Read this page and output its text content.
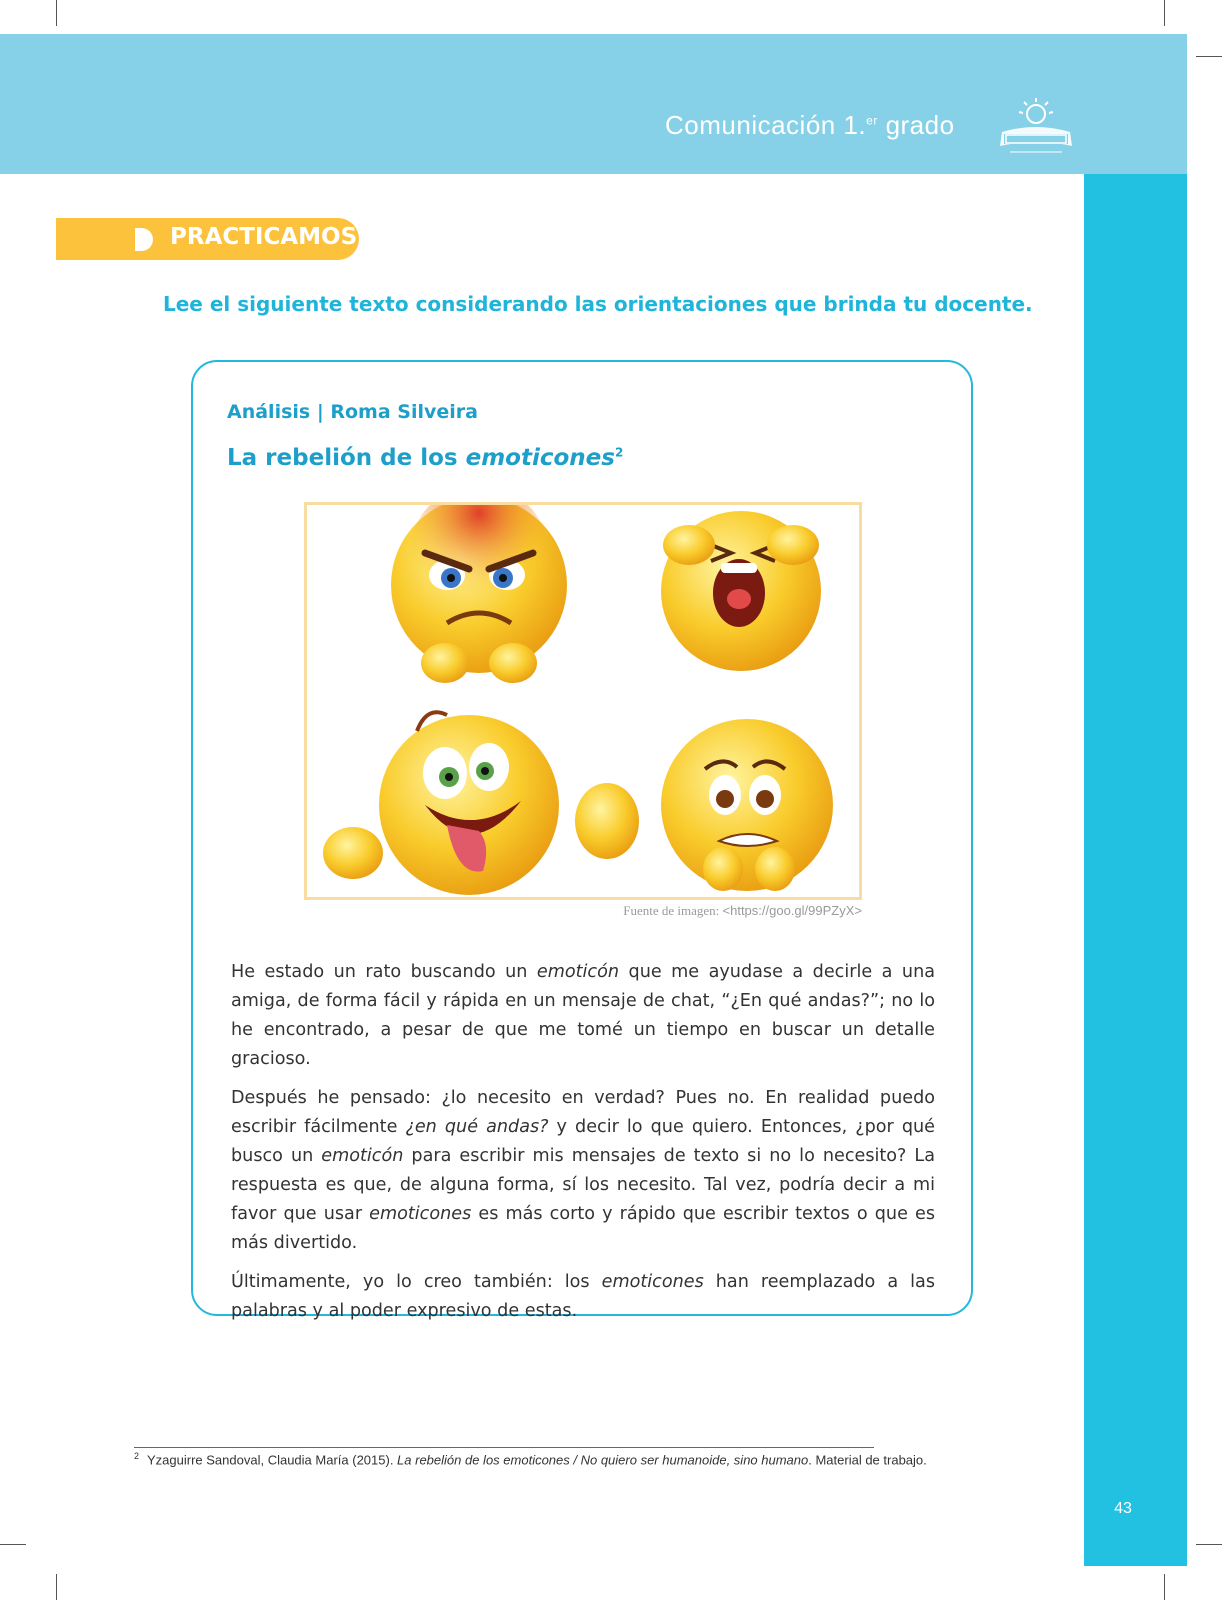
Comunicación 1.$^{er}$ grado
43
PRACTICAMOS
Lee el siguiente texto considerando las orientaciones que brinda tu docente.
Análisis | Roma Silveira
La rebelión de los emoticones$^2$
Fuente de imagen: <https://goo.gl/99PZyX>

He estado un rato buscando un emoticón que me ayudase a decirle a una amiga, de forma fácil y rápida en un mensaje de chat, “¿En qué andas?”; no lo he encontrado, a pesar de que me tomé un tiempo en buscar un detalle gracioso.

Después he pensado: ¿lo necesito en verdad? Pues no. En realidad puedo escribir fácilmente ¿en qué andas? y decir lo que quiero. Entonces, ¿por qué busco un emoticón para escribir mis mensajes de texto si no lo necesito? La respuesta es que, de alguna forma, sí los necesito. Tal vez, podría decir a mi favor que usar emoticones es más corto y rápido que escribir textos o que es más divertido.

Últimamente, yo lo creo también: los emoticones han reemplazado a las palabras y al poder expresivo de estas.

$^2$ Yzaguirre Sandoval, Claudia María (2015). La rebelión de los emoticones / No quiero ser humanoide, sino humano. Material de trabajo.
